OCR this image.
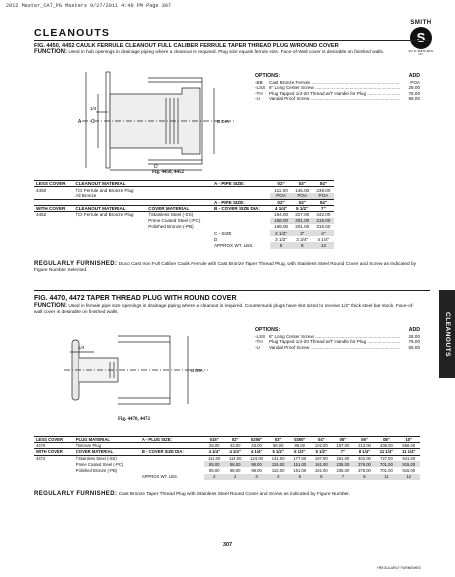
2012 Master_CAT_PG Masters 9/27/2011 4:49 PM Page 307
CLEANOUTS
SMITH
S
JAY R. SMITH MFG. CO.
FIG. 4450, 4452 CAULK FERRULE CLEANOUT FULL CALIBER FERRULE TAPER THREAD PLUG W/ROUND COVER
FUNCTION: Used in hub openings in drainage piping where a cleanout is required. Plug size equals ferrule size. Face-of-Wall cover is desirable on finished walls.
A C	B DIA.
D
1/4
Fig. 4450, 4452
OPTIONS:	ADD
-BB	Cast Bronze Ferrule .....	POA
-LSS 6" Long Center Screw .....	28.00
-TH	Plug Tapped 1/4-20 Thread w/T Handle for Plug .....	78.00
-U	Vandal Proof Screw .....	58.00
LESS COVER	CLEANOUT MATERIAL		A - PIPE SIZE:	02"	03"	04"
4450	†CI Ferrule and Bronze Plug			111.00	145.00	239.00
	All Bronze			POA	POA	POA
			A - PIPE SIZE:	02"	03"	04"
WITH COVER	CLEANOUT MATERIAL	COVER MATERIAL	B - COVER SIZE DIA:	4 1/4"	5 1/2"	7"
4452	†CI Ferrule and Bronze Plug	†Stainless Steel (-SS)		194.00	227.00	342.00
		Prime Coated Steel (-PC)		168.00	201.00	315.00
		Polished Bronze (-PB)		168.00	201.00	315.00
			C - SIZE	2 1/2"	3"	4"
			D	3 1/2"	3 3/4"	4 1/4"
			APPROX WT. LBS.	5	8	13
REGULARLY FURNISHED: Duco Cast Iron Full Caliber Caulk Ferrule with Cast Bronze Taper Thread Plug, with Stainless Steel Round Cover and Screw as Indicated by Figure Number Selected.
FIG. 4470, 4472 TAPER THREAD PLUG WITH ROUND COVER
FUNCTION: Used in female pipe size openings in drainage piping where a cleanout is required. Countersunk plugs have slot sized to receive 1/2" thick steel bar stock. Face-of-wall cover is desirable on finished walls.
1/4
B DIA.
Fig. 4470, 4472
OPTIONS:	ADD
-LSS 6" Long Center Screw .....	28.00
-TH	Plug Tapped 1/4-20 Thread w/T Handle for Plug .....	78.00
-U	Vandal Proof Screw .....	58.00
LESS COVER	PLUG MATERIAL	A - PLUG SIZE:		015"	02"	0250"	03"	0350"	04"	05"	06"	08"	10"
4470	†Bronze Plug			28.00	33.00	43.00	58.00	95.00	102.00	157.00	213.00	438.00	656.00
WITH COVER	COVER MATERIAL	B - COVER SIZE DIA:		4 1/4"	4 1/4"	4 1/4"	5 1/2"	5 1/2"	5 1/2"	7"	8 1/4"	11 1/4"	11 1/4"
4472	†Stainless Steel (-SS)			111.00	114.00	124.00	141.00	177.00	187.00	261.00	402.00	727.00	941.00
	Prime Coated Steel (-PC)			85.00	88.00	98.00	115.00	151.00	161.00	235.00	376.00	701.00	915.00
	Polished Bronze (-PB)			85.00	88.00	98.00	115.00	151.00	161.00	235.00	376.00	701.00	915.00
		APPROX WT. LBS.		2	2	3	3	5	5	7	8	11	12
REGULARLY FURNISHED: Cast Bronze Taper Thread Plug with Stainless Steel Round Cover and Screw as indicated by Figure Number.
CLEANOUTS
307
†REGULARLY FURNISHED
